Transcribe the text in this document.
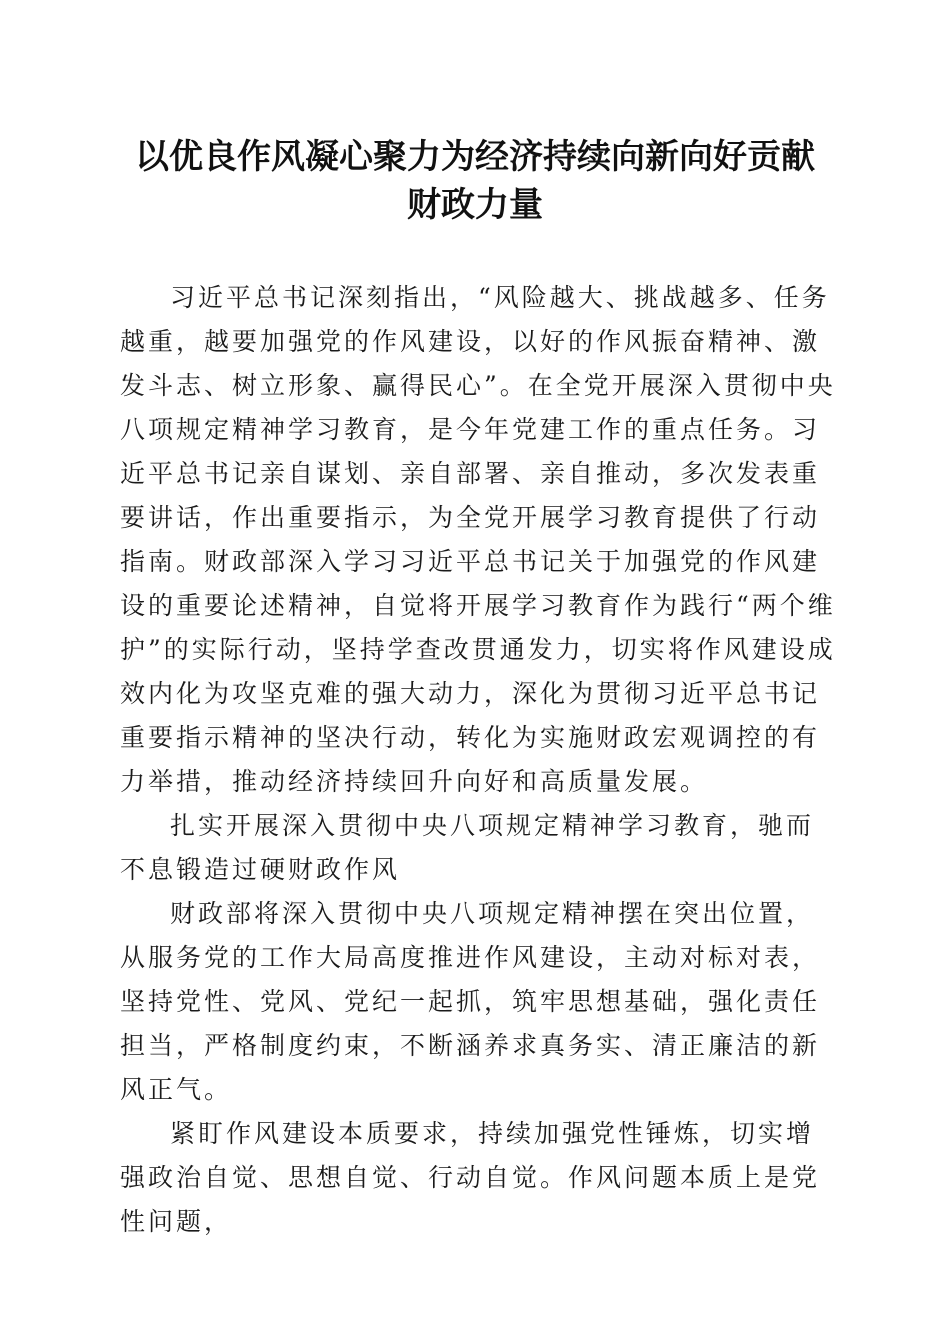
以优良作风凝心聚力为经济持续向新向好贡献
财政力量

习近平总书记深刻指出，“风险越大、挑战越多、任务越重，越要加强党的作风建设，以好的作风振奋精神、激发斗志、树立形象、赢得民心”。在全党开展深入贯彻中央八项规定精神学习教育，是今年党建工作的重点任务。习近平总书记亲自谋划、亲自部署、亲自推动，多次发表重要讲话，作出重要指示，为全党开展学习教育提供了行动指南。财政部深入学习习近平总书记关于加强党的作风建设的重要论述精神，自觉将开展学习教育作为践行“两个维护”的实际行动，坚持学查改贯通发力，切实将作风建设成效内化为攻坚克难的强大动力，深化为贯彻习近平总书记重要指示精神的坚决行动，转化为实施财政宏观调控的有力举措，推动经济持续回升向好和高质量发展。

扎实开展深入贯彻中央八项规定精神学习教育，驰而不息锻造过硬财政作风

财政部将深入贯彻中央八项规定精神摆在突出位置，从服务党的工作大局高度推进作风建设，主动对标对表，坚持党性、党风、党纪一起抓，筑牢思想基础，强化责任担当，严格制度约束，不断涵养求真务实、清正廉洁的新风正气。

紧盯作风建设本质要求，持续加强党性锤炼，切实增强政治自觉、思想自觉、行动自觉。作风问题本质上是党性问题，
